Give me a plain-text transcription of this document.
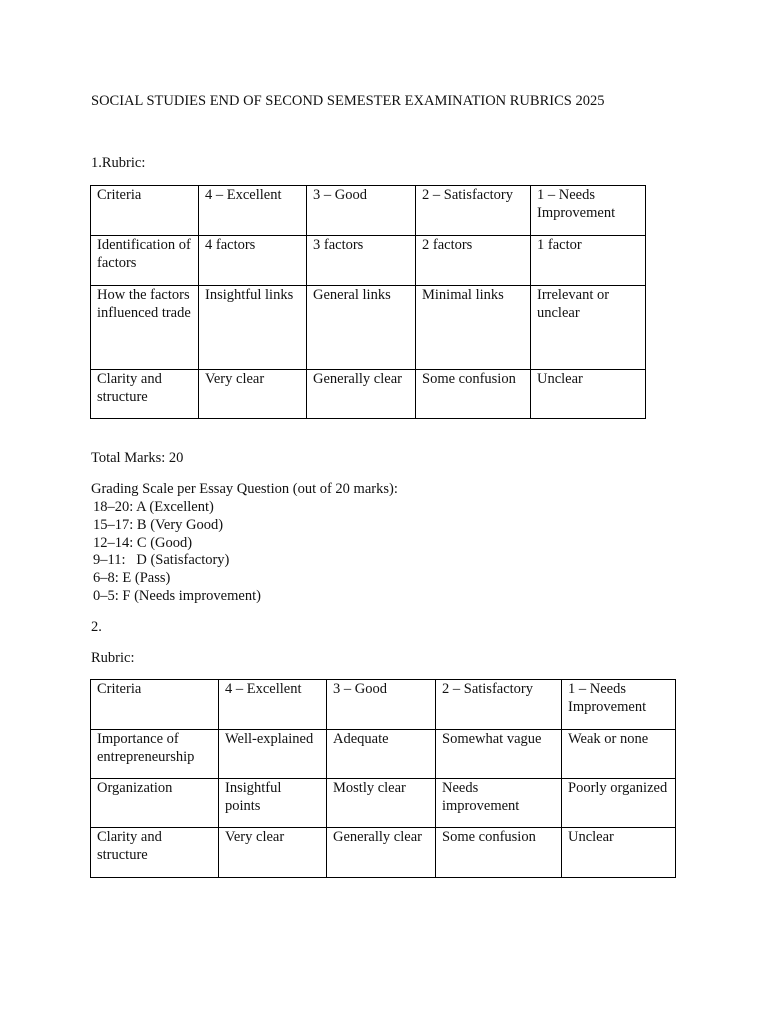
SOCIAL STUDIES END OF SECOND SEMESTER EXAMINATION RUBRICS 2025
1.Rubric:
Criteria	4 – Excellent	3 – Good	2 – Satisfactory	1 – Needs Improvement
Identification of factors	4 factors	3 factors	2 factors	1 factor
How the factors influenced trade	Insightful links	General links	Minimal links	Irrelevant or unclear
Clarity and structure	Very clear	Generally clear	Some confusion	Unclear
Total Marks: 20
Grading Scale per Essay Question (out of 20 marks):
18–20: A (Excellent)
15–17: B (Very Good)
12–14: C (Good)
9–11:   D (Satisfactory)
6–8: E (Pass)
0–5: F (Needs improvement)
2.
Rubric:
Criteria	4 – Excellent	3 – Good	2 – Satisfactory	1 – Needs Improvement
Importance of entrepreneurship	Well-explained	Adequate	Somewhat vague	Weak or none
Organization	Insightful points	Mostly clear	Needs improvement	Poorly organized
Clarity and structure	Very clear	Generally clear	Some confusion	Unclear
